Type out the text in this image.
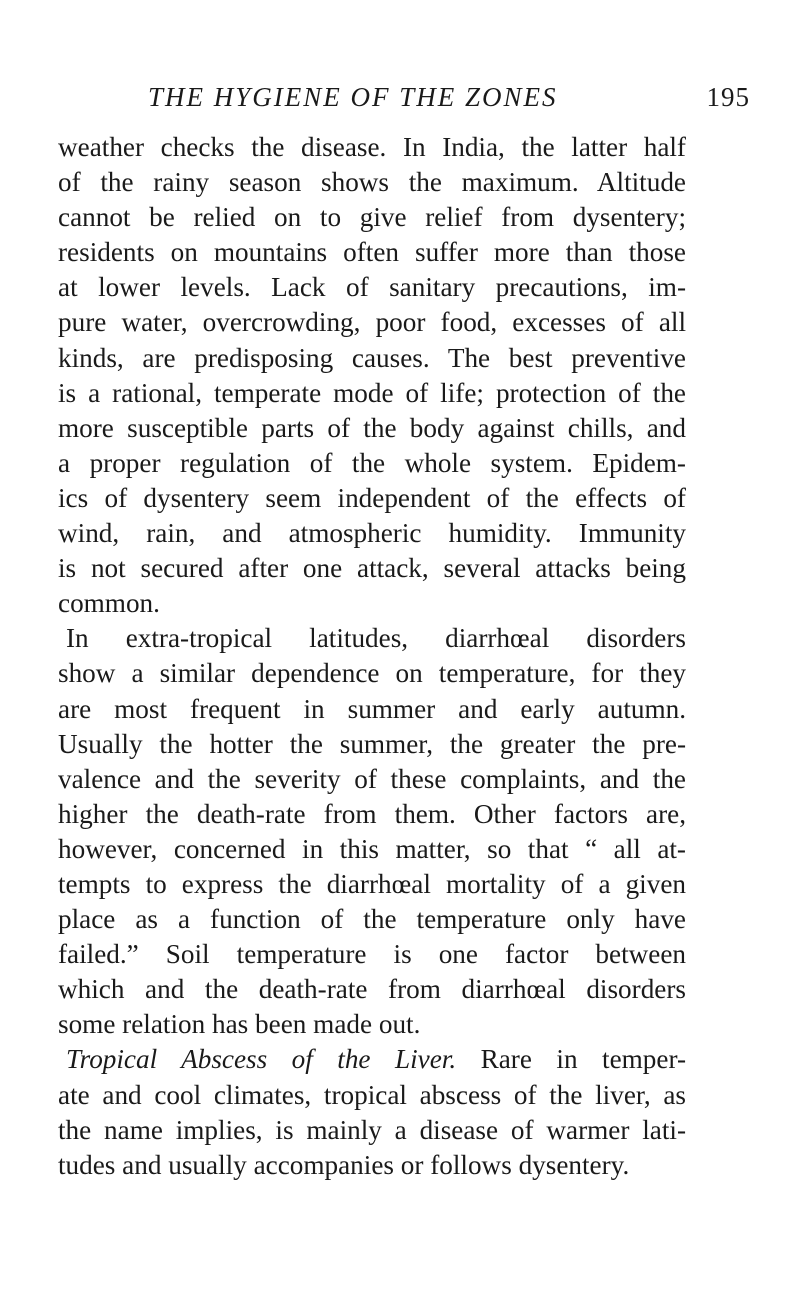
THE HYGIENE OF THE ZONES	195
weather checks the disease. In India, the latter half
of the rainy season shows the maximum. Altitude
cannot be relied on to give relief from dysentery;
residents on mountains often suffer more than those
at lower levels. Lack of sanitary precautions, im-
pure water, overcrowding, poor food, excesses of all
kinds, are predisposing causes. The best preventive
is a rational, temperate mode of life; protection of the
more susceptible parts of the body against chills, and
a proper regulation of the whole system. Epidem-
ics of dysentery seem independent of the effects of
wind, rain, and atmospheric humidity. Immunity
is not secured after one attack, several attacks being
common.
In extra-tropical latitudes, diarrhœal disorders
show a similar dependence on temperature, for they
are most frequent in summer and early autumn.
Usually the hotter the summer, the greater the pre-
valence and the severity of these complaints, and the
higher the death-rate from them. Other factors are,
however, concerned in this matter, so that “ all at-
tempts to express the diarrhœal mortality of a given
place as a function of the temperature only have
failed.” Soil temperature is one factor between
which and the death-rate from diarrhœal disorders
some relation has been made out.
Tropical Abscess of the Liver. Rare in temper-
ate and cool climates, tropical abscess of the liver, as
the name implies, is mainly a disease of warmer lati-
tudes and usually accompanies or follows dysentery.
